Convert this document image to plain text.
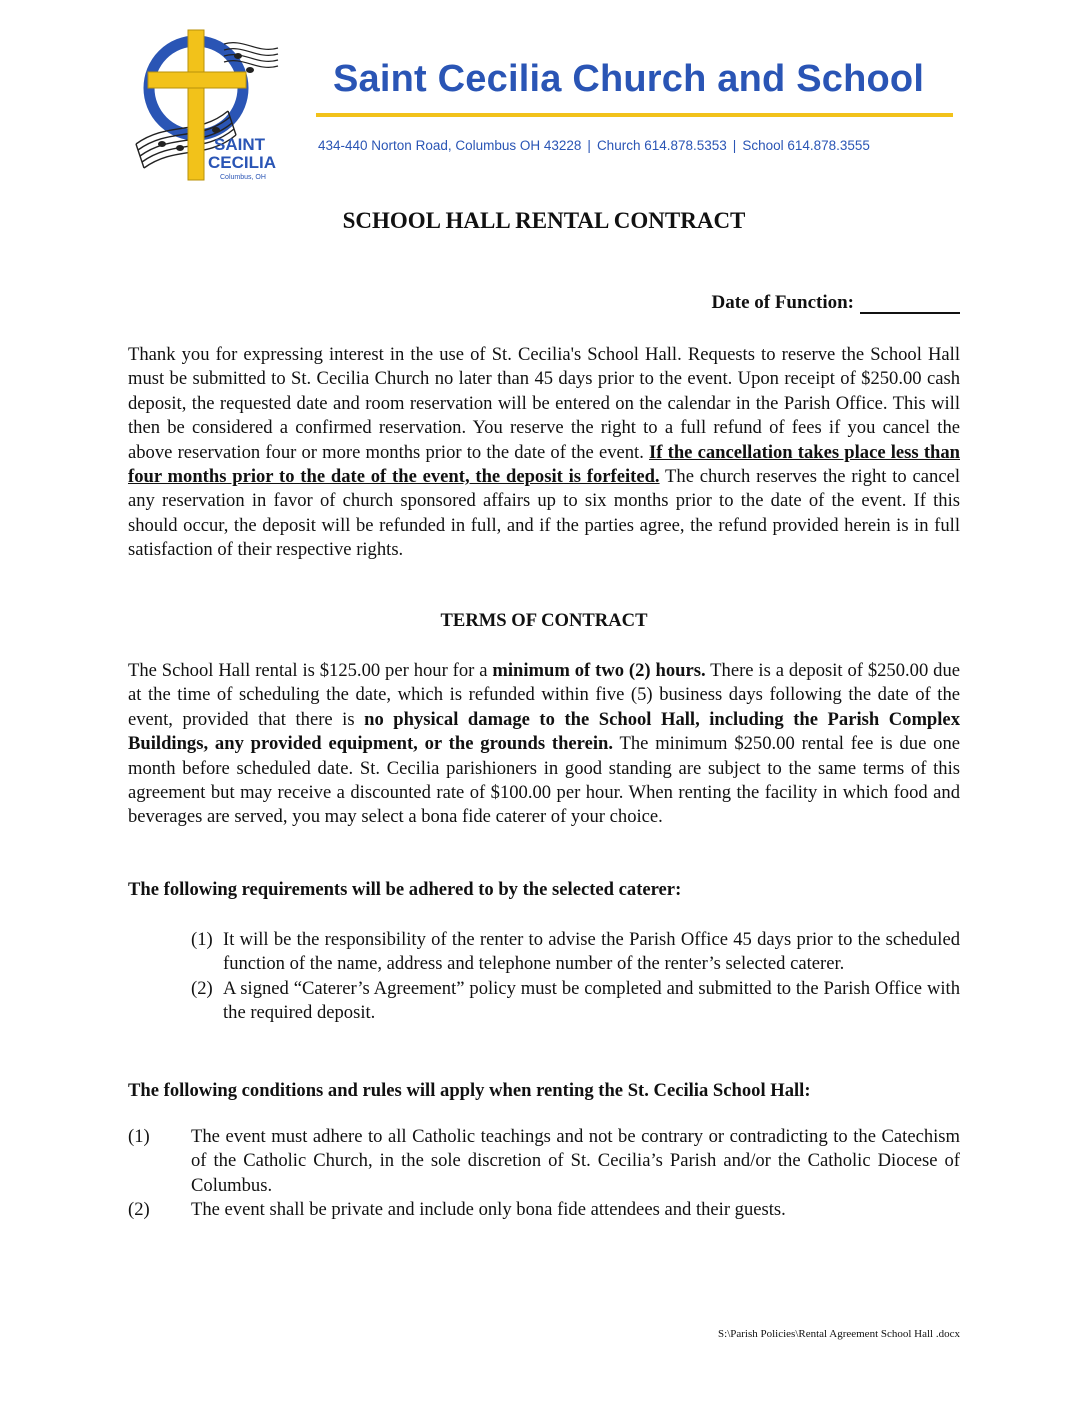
SAINT
CECILIA
Columbus, OH
Saint Cecilia Church and School
434-440 Norton Road, Columbus OH 43228 | Church 614.878.5353 | School 614.878.3555
SCHOOL HALL RENTAL CONTRACT
Date of Function:
Thank you for expressing interest in the use of St. Cecilia's School Hall. Requests to reserve the School Hall must be submitted to St. Cecilia Church no later than 45 days prior to the event. Upon receipt of $250.00 cash deposit, the requested date and room reservation will be entered on the calendar in the Parish Office. This will then be considered a confirmed reservation. You reserve the right to a full refund of fees if you cancel the above reservation four or more months prior to the date of the event. If the cancellation takes place less than four months prior to the date of the event, the deposit is forfeited. The church reserves the right to cancel any reservation in favor of church sponsored affairs up to six months prior to the date of the event. If this should occur, the deposit will be refunded in full, and if the parties agree, the refund provided herein is in full satisfaction of their respective rights.
TERMS OF CONTRACT
The School Hall rental is $125.00 per hour for a minimum of two (2) hours. There is a deposit of $250.00 due at the time of scheduling the date, which is refunded within five (5) business days following the date of the event, provided that there is no physical damage to the School Hall, including the Parish Complex Buildings, any provided equipment, or the grounds therein. The minimum $250.00 rental fee is due one month before scheduled date. St. Cecilia parishioners in good standing are subject to the same terms of this agreement but may receive a discounted rate of $100.00 per hour. When renting the facility in which food and beverages are served, you may select a bona fide caterer of your choice.
The following requirements will be adhered to by the selected caterer:
(1) It will be the responsibility of the renter to advise the Parish Office 45 days prior to the scheduled function of the name, address and telephone number of the renter’s selected caterer.
(2) A signed “Caterer’s Agreement” policy must be completed and submitted to the Parish Office with the required deposit.
The following conditions and rules will apply when renting the St. Cecilia School Hall:
(1)	The event must adhere to all Catholic teachings and not be contrary or contradicting to the Catechism of the Catholic Church, in the sole discretion of St. Cecilia’s Parish and/or the Catholic Diocese of Columbus.
(2)	The event shall be private and include only bona fide attendees and their guests.
S:\Parish Policies\Rental Agreement School Hall .docx
